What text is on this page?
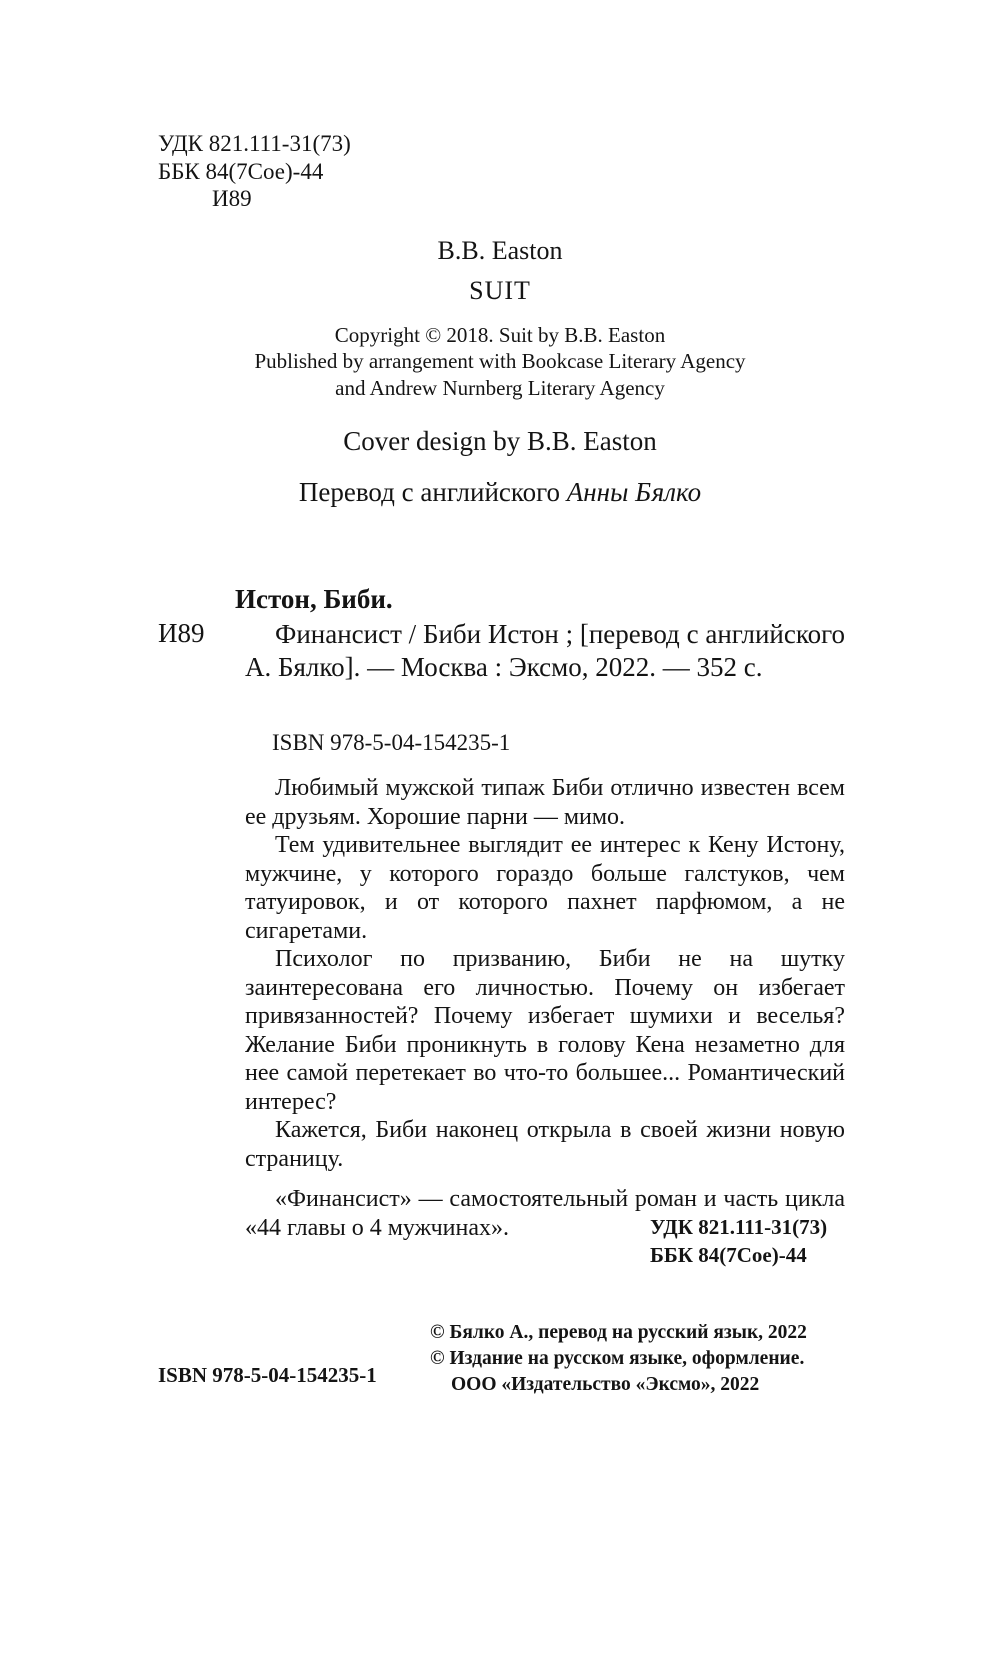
УДК 821.111-31(73)
ББК 84(7Сое)-44
И89
B.B. Easton
SUIT
Copyright © 2018. Suit by B.B. Easton
Published by arrangement with Bookcase Literary Agency
and Andrew Nurnberg Literary Agency
Cover design by B.B. Easton
Перевод с английского Анны Бялко
Истон, Биби.
И89	Финансист / Биби Истон ; [перевод с английского А. Бялко]. — Москва : Эксмо, 2022. — 352 с.
ISBN 978-5-04-154235-1

Любимый мужской типаж Биби отлично известен всем ее друзьям. Хорошие парни — мимо.

Тем удивительнее выглядит ее интерес к Кену Истону, мужчине, у которого гораздо больше галстуков, чем татуировок, и от которого пахнет парфюмом, а не сигаретами.

Психолог по призванию, Биби не на шутку заинтересована его личностью. Почему он избегает привязанностей? Почему избегает шумихи и веселья? Желание Биби проникнуть в голову Кена незаметно для нее самой перетекает во что-то большее... Романтический интерес?

Кажется, Биби наконец открыла в своей жизни новую страницу.

«Финансист» — самостоятельный роман и часть цикла «44 главы о 4 мужчинах».	УДК 821.111-31(73)
ББК 84(7Сое)-44
© Бялко А., перевод на русский язык, 2022
© Издание на русском языке, оформление.
ООО «Издательство «Эксмо», 2022
ISBN 978-5-04-154235-1
